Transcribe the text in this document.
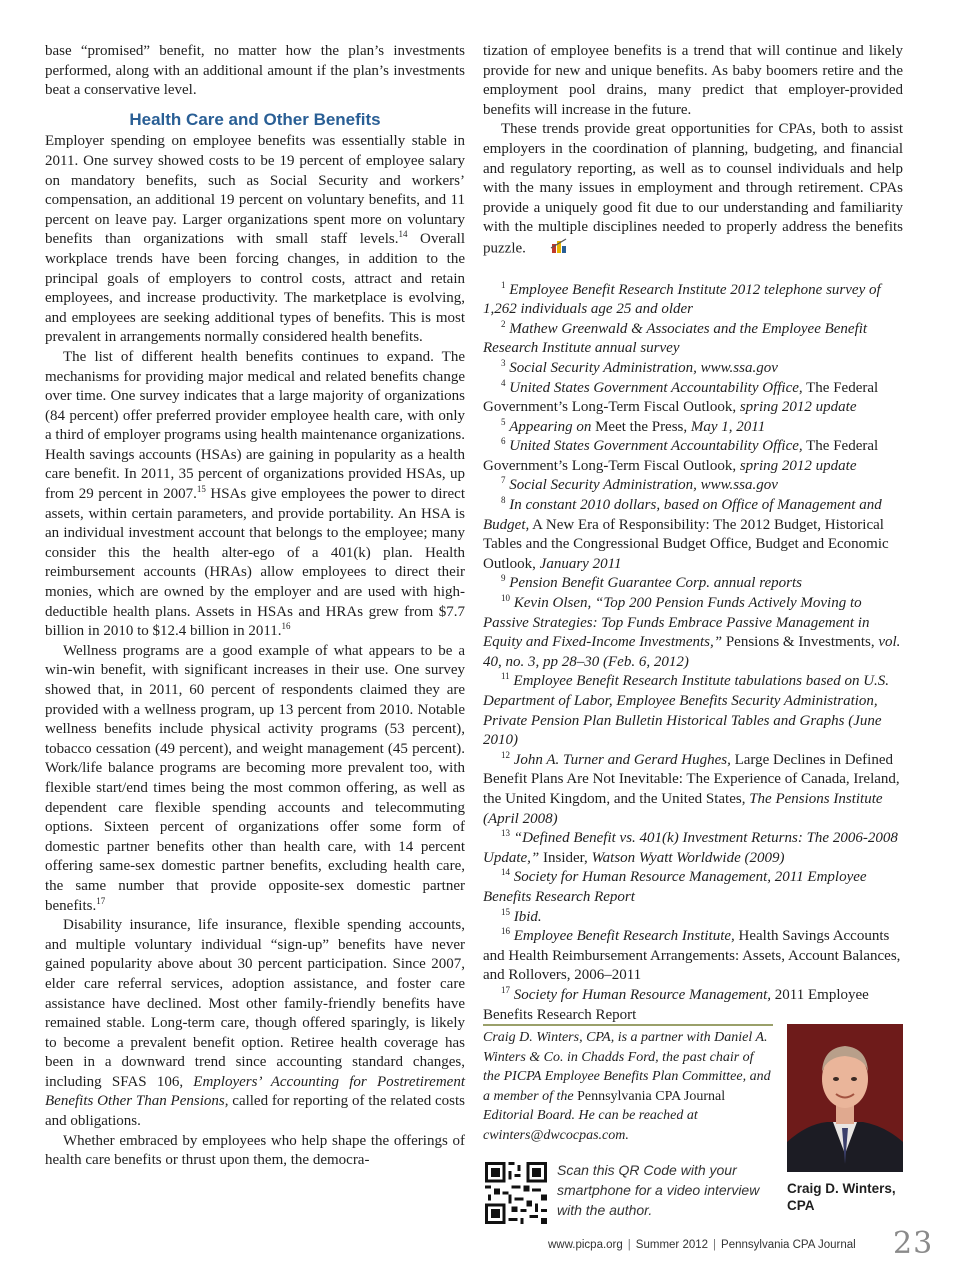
base “promised” benefit, no matter how the plan’s investments performed, along with an additional amount if the plan’s investments beat a conservative level.

Health Care and Other Benefits

Employer spending on employee benefits was essentially stable in 2011. One survey showed costs to be 19 percent of employee salary on mandatory benefits, such as Social Security and workers’ compensation, an additional 19 percent on voluntary benefits, and 11 percent on leave pay. Larger organizations spent more on voluntary benefits than organizations with small staff levels.$^{14}$ Overall workplace trends have been forcing changes, in addition to the principal goals of employers to control costs, attract and retain employees, and increase productivity. The marketplace is evolving, and employees are seeking additional types of benefits. This is most prevalent in arrangements normally considered health benefits.

The list of different health benefits continues to expand. The mechanisms for providing major medical and related benefits change over time. One survey indicates that a large majority of organizations (84 percent) offer preferred provider employee health care, with only a third of employer programs using health maintenance organizations. Health savings accounts (HSAs) are gaining in popularity as a health care benefit. In 2011, 35 percent of organizations provided HSAs, up from 29 percent in 2007.15 HSAs give employees the power to direct assets, within certain parameters, and provide portability. An HSA is an individual investment account that belongs to the employee; many consider this the health alter-ego of a 401(k) plan. Health reimbursement accounts (HRAs) allow employees to direct their monies, which are owned by the employer and are used with high-deductible health plans. Assets in HSAs and HRAs grew from $7.7 billion in 2010 to $12.4 billion in 2011.16

Wellness programs are a good example of what appears to be a win-win benefit, with significant increases in their use. One survey showed that, in 2011, 60 percent of respondents claimed they are provided with a wellness program, up 13 percent from 2010. Notable wellness benefits include physical activity programs (53 percent), tobacco cessation (49 percent), and weight management (45 percent). Work/life balance programs are becoming more prevalent too, with flexible start/end times being the most common offering, as well as dependent care flexible spending accounts and telecommuting options. Sixteen percent of organizations offer some form of domestic partner benefits other than health care, with 14 percent offering same-sex domestic partner benefits, excluding health care, the same number that provide opposite-sex domestic partner benefits.$^{17}$

Disability insurance, life insurance, flexible spending accounts, and multiple voluntary individual “sign-up” benefits have never gained popularity above about 30 percent participation. Since 2007, elder care referral services, adoption assistance, and foster care assistance have declined. Most other family-friendly benefits have remained stable. Long-term care, though offered sparingly, is likely to become a prevalent benefit option. Retiree health coverage has been in a downward trend since accounting standard changes, including SFAS 106, Employers’ Accounting for Postretirement Benefits Other Than Pensions, called for reporting of the related costs and obligations.

Whether embraced by employees who help shape the offerings of health care benefits or thrust upon them, the democra-

tization of employee benefits is a trend that will continue and likely provide for new and unique benefits. As baby boomers retire and the employment pool drains, many predict that employer-provided benefits will increase in the future.

These trends provide great opportunities for CPAs, both to assist employers in the coordination of planning, budgeting, and financial and regulatory reporting, as well as to counsel individuals and help with the many issues in employment and through retirement. CPAs provide a uniquely good fit due to our understanding and familiarity with the multiple disciplines needed to properly address the benefits puzzle.

$^1$ Employee Benefit Research Institute 2012 telephone survey of 1,262 individuals age 25 and older

$^2$ Mathew Greenwald & Associates and the Employee Benefit Research Institute annual survey

$^3$ Social Security Administration, www.ssa.gov

$^4$ United States Government Accountability Office, The Federal Government’s Long-Term Fiscal Outlook, spring 2012 update

$^5$ Appearing on Meet the Press, May 1, 2011

$^6$ United States Government Accountability Office, The Federal Government’s Long-Term Fiscal Outlook, spring 2012 update

$^7$ Social Security Administration, www.ssa.gov

$^8$ In constant 2010 dollars, based on Office of Management and Budget, A New Era of Responsibility: The 2012 Budget, Historical Tables and the Congressional Budget Office, Budget and Economic Outlook, January 2011

$^9$ Pension Benefit Guarantee Corp. annual reports

$^{10}$ Kevin Olsen, “Top 200 Pension Funds Actively Moving to Passive Strategies: Top Funds Embrace Passive Management in Equity and Fixed-Income Investments,” Pensions & Investments, vol. 40, no. 3, pp 28–30 (Feb. 6, 2012)

$^{11}$ Employee Benefit Research Institute tabulations based on U.S. Department of Labor, Employee Benefits Security Administration, Private Pension Plan Bulletin Historical Tables and Graphs (June 2010)

$^{12}$ John A. Turner and Gerard Hughes, Large Declines in Defined Benefit Plans Are Not Inevitable: The Experience of Canada, Ireland, the United Kingdom, and the United States, The Pensions Institute (April 2008)

$^{13}$ “Defined Benefit vs. 401(k) Investment Returns: The 2006-2008 Update,” Insider, Watson Wyatt Worldwide (2009)

$^{14}$ Society for Human Resource Management, 2011 Employee Benefits Research Report

$^{15}$ Ibid.

$^{16}$ Employee Benefit Research Institute, Health Savings Accounts and Health Reimbursement Arrangements: Assets, Account Balances, and Rollovers, 2006–2011

$^{17}$ Society for Human Resource Management, 2011 Employee Benefits Research Report

Craig D. Winters, CPA, is a partner with Daniel A. Winters & Co. in Chadds Ford, the past chair of the PICPA Employee Benefits Plan Committee, and a member of the Pennsylvania CPA Journal Editorial Board. He can be reached at cwinters@dwcocpas.com.

Craig D. Winters, CPA
Scan this QR Code with your smartphone for a video interview with the author.
www.picpa.org | Summer 2012 | Pennsylvania CPA Journal	23
